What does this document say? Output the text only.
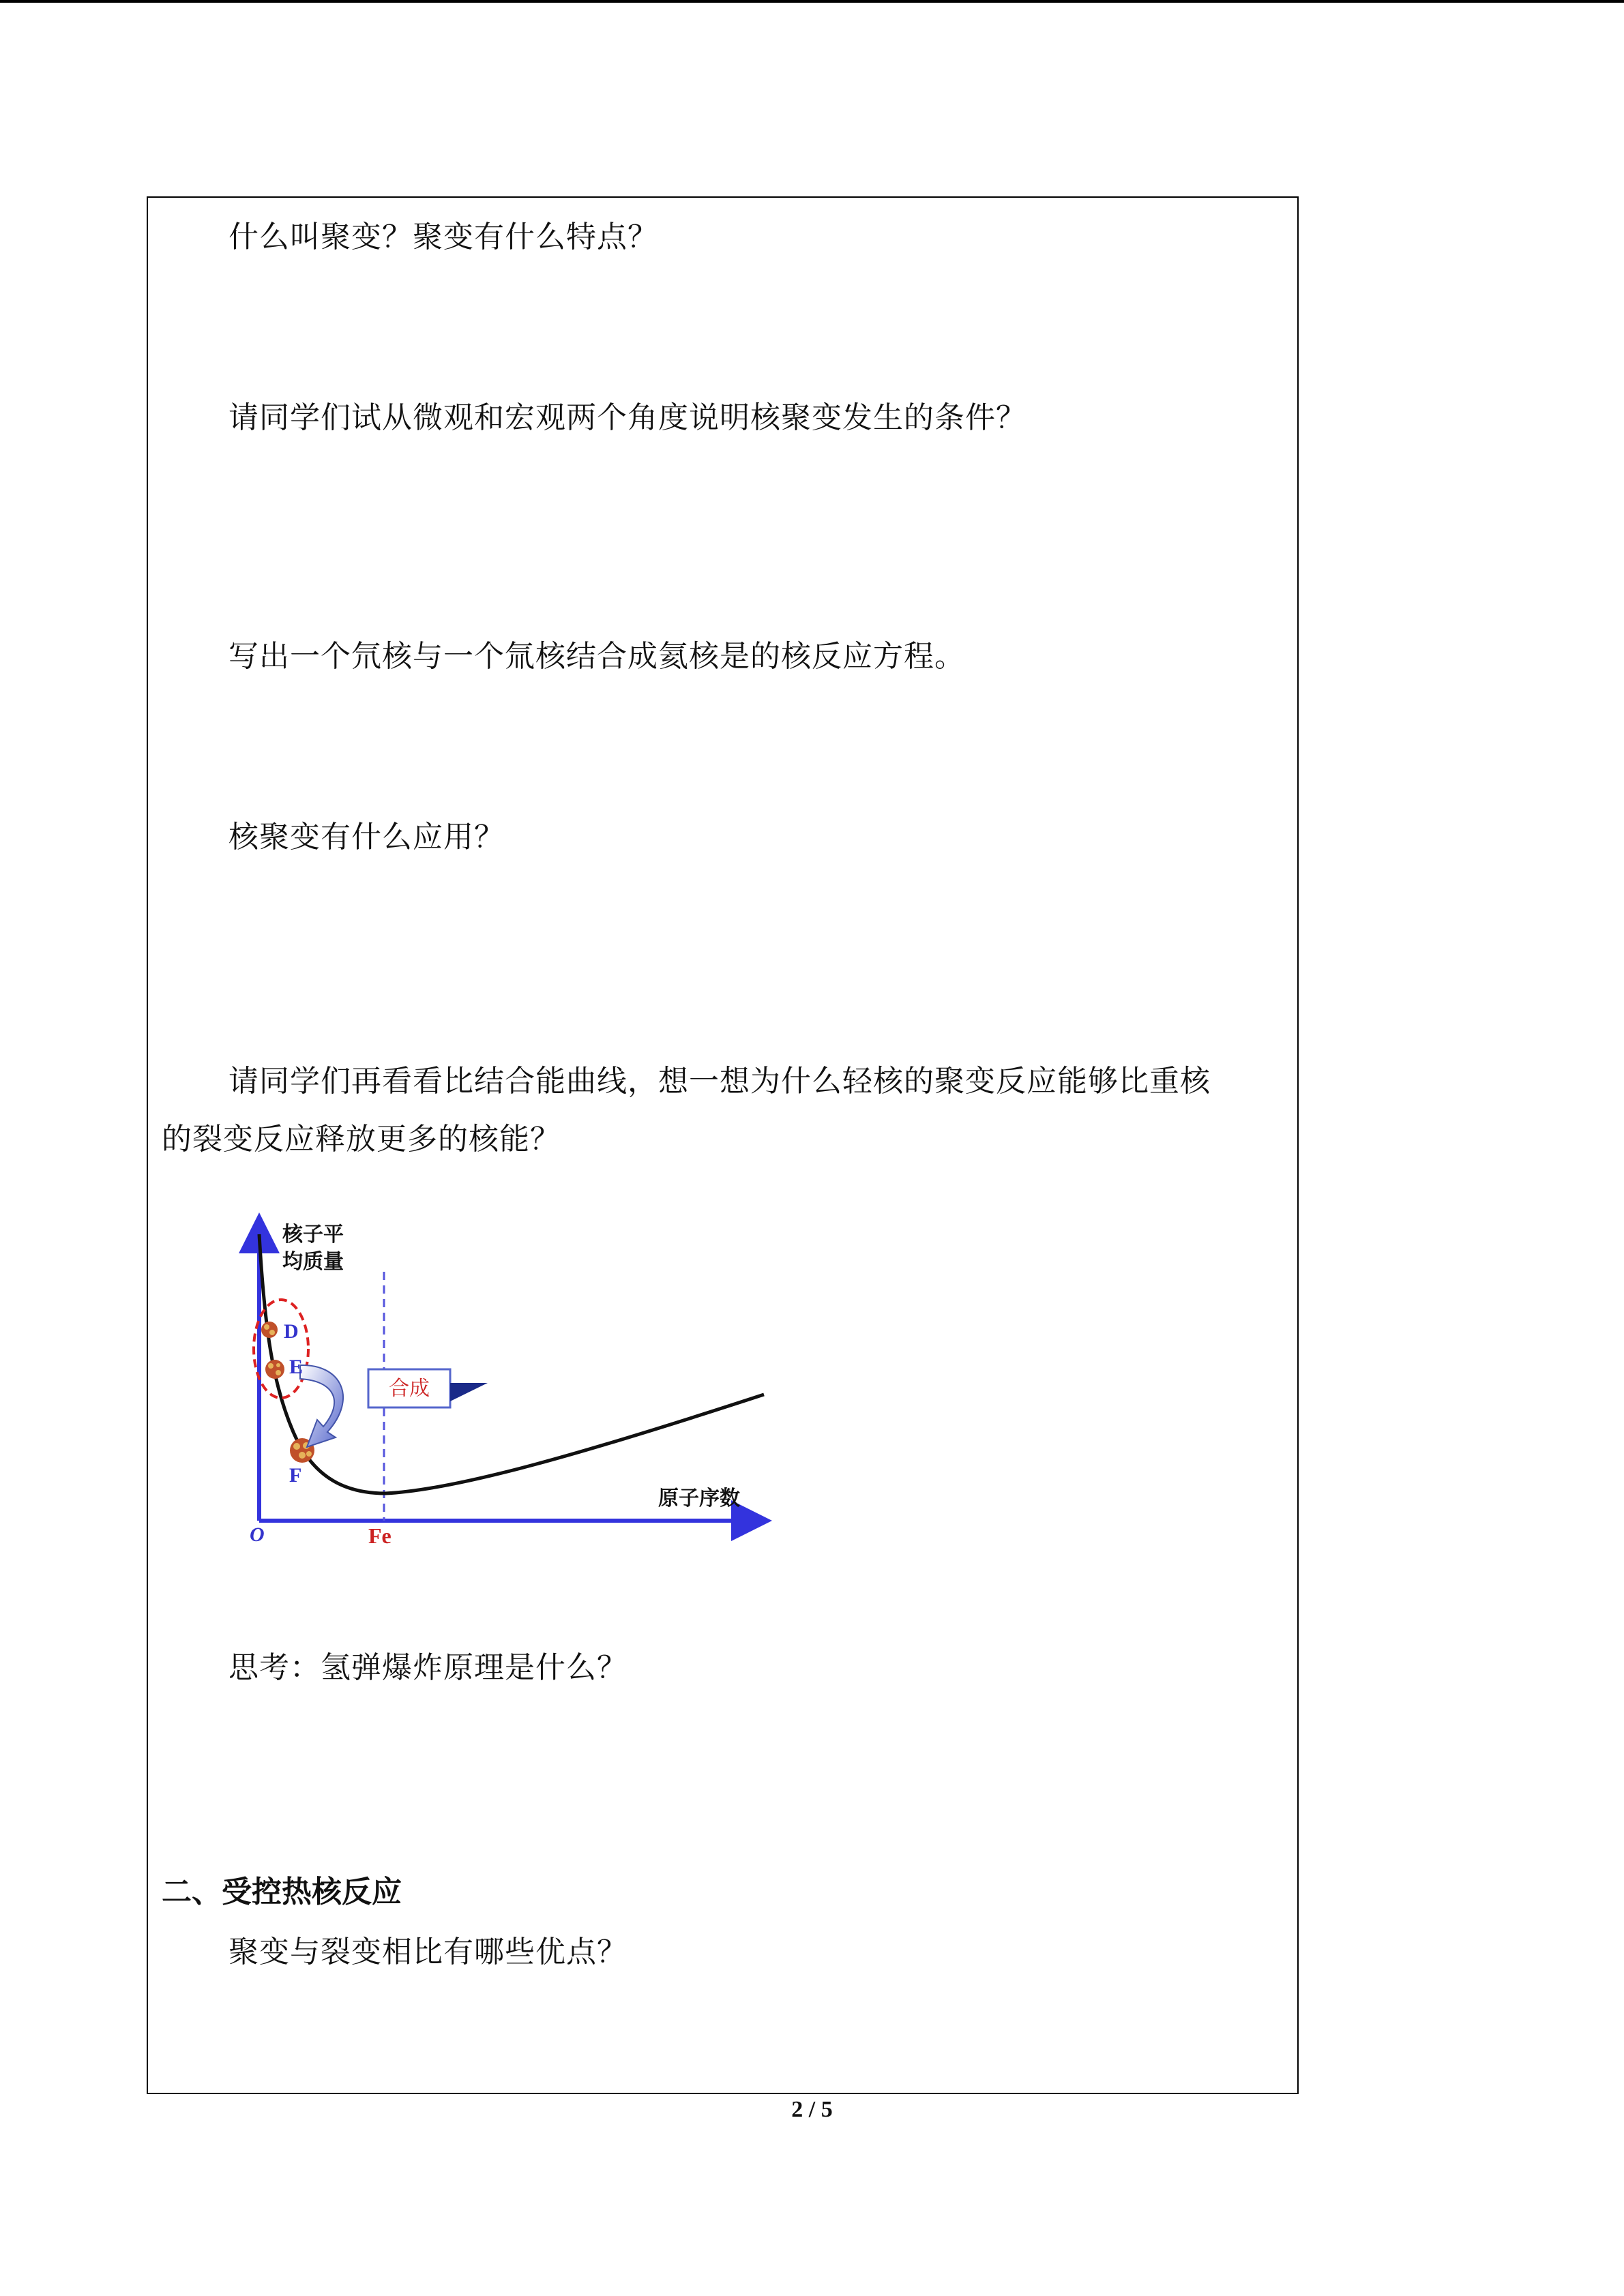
什么叫聚变？聚变有什么特点？
请同学们试从微观和宏观两个角度说明核聚变发生的条件？
写出一个氘核与一个氚核结合成氦核是的核反应方程。
核聚变有什么应用？
请同学们再看看比结合能曲线，想一想为什么轻核的聚变反应能够比重核
的裂变反应释放更多的核能？
合成
D
E
F
核子平
均质量
原子序数
O	Fe
思考：氢弹爆炸原理是什么？
二、受控热核反应
聚变与裂变相比有哪些优点？
2 / 5
